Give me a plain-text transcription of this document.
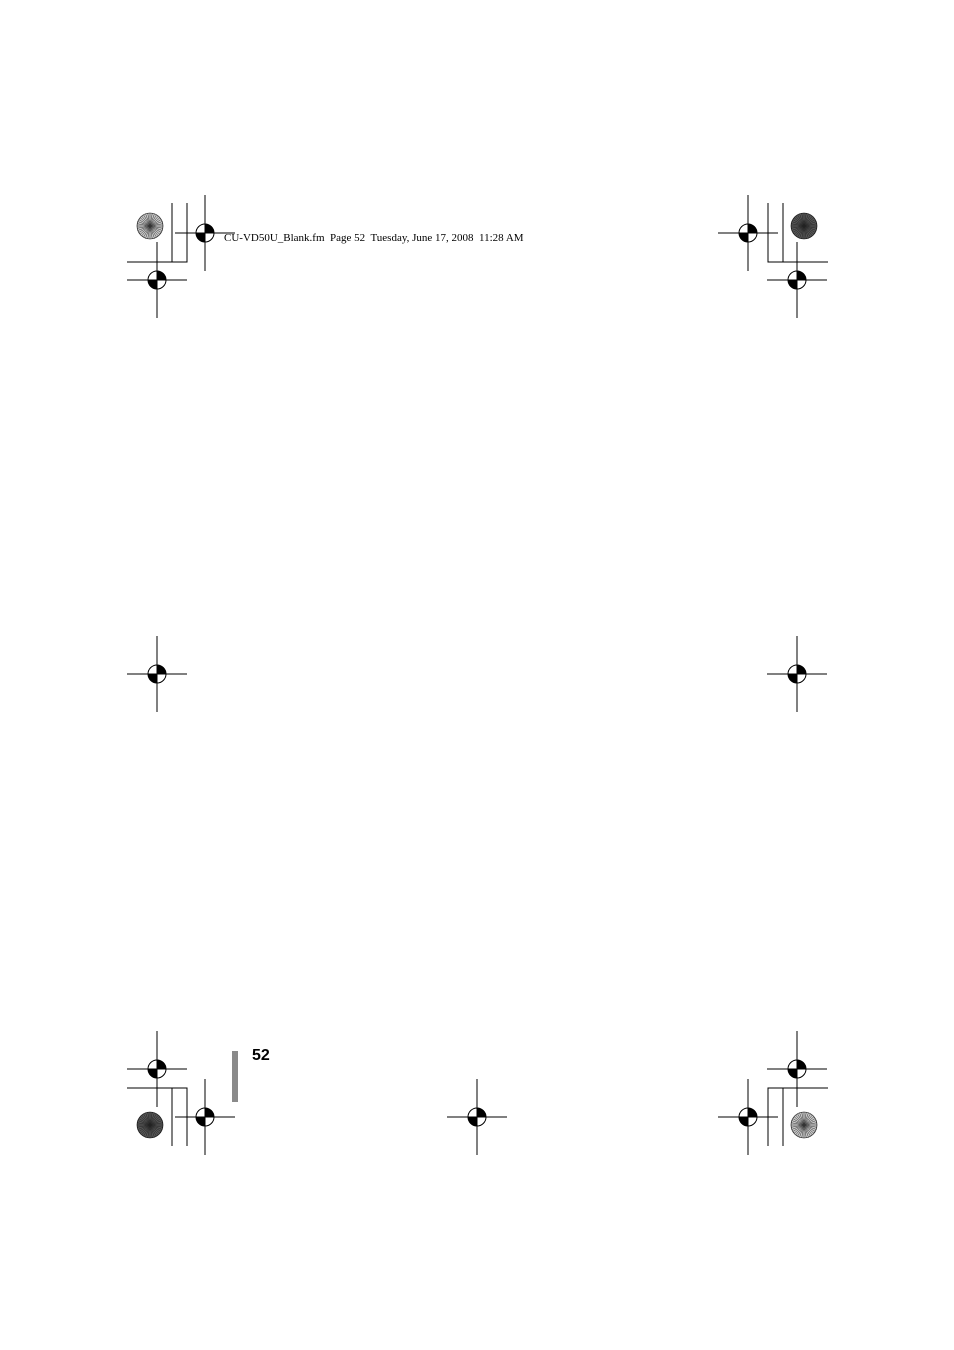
CU-VD50U_Blank.fm  Page 52  Tuesday, June 17, 2008  11:28 AM
52
